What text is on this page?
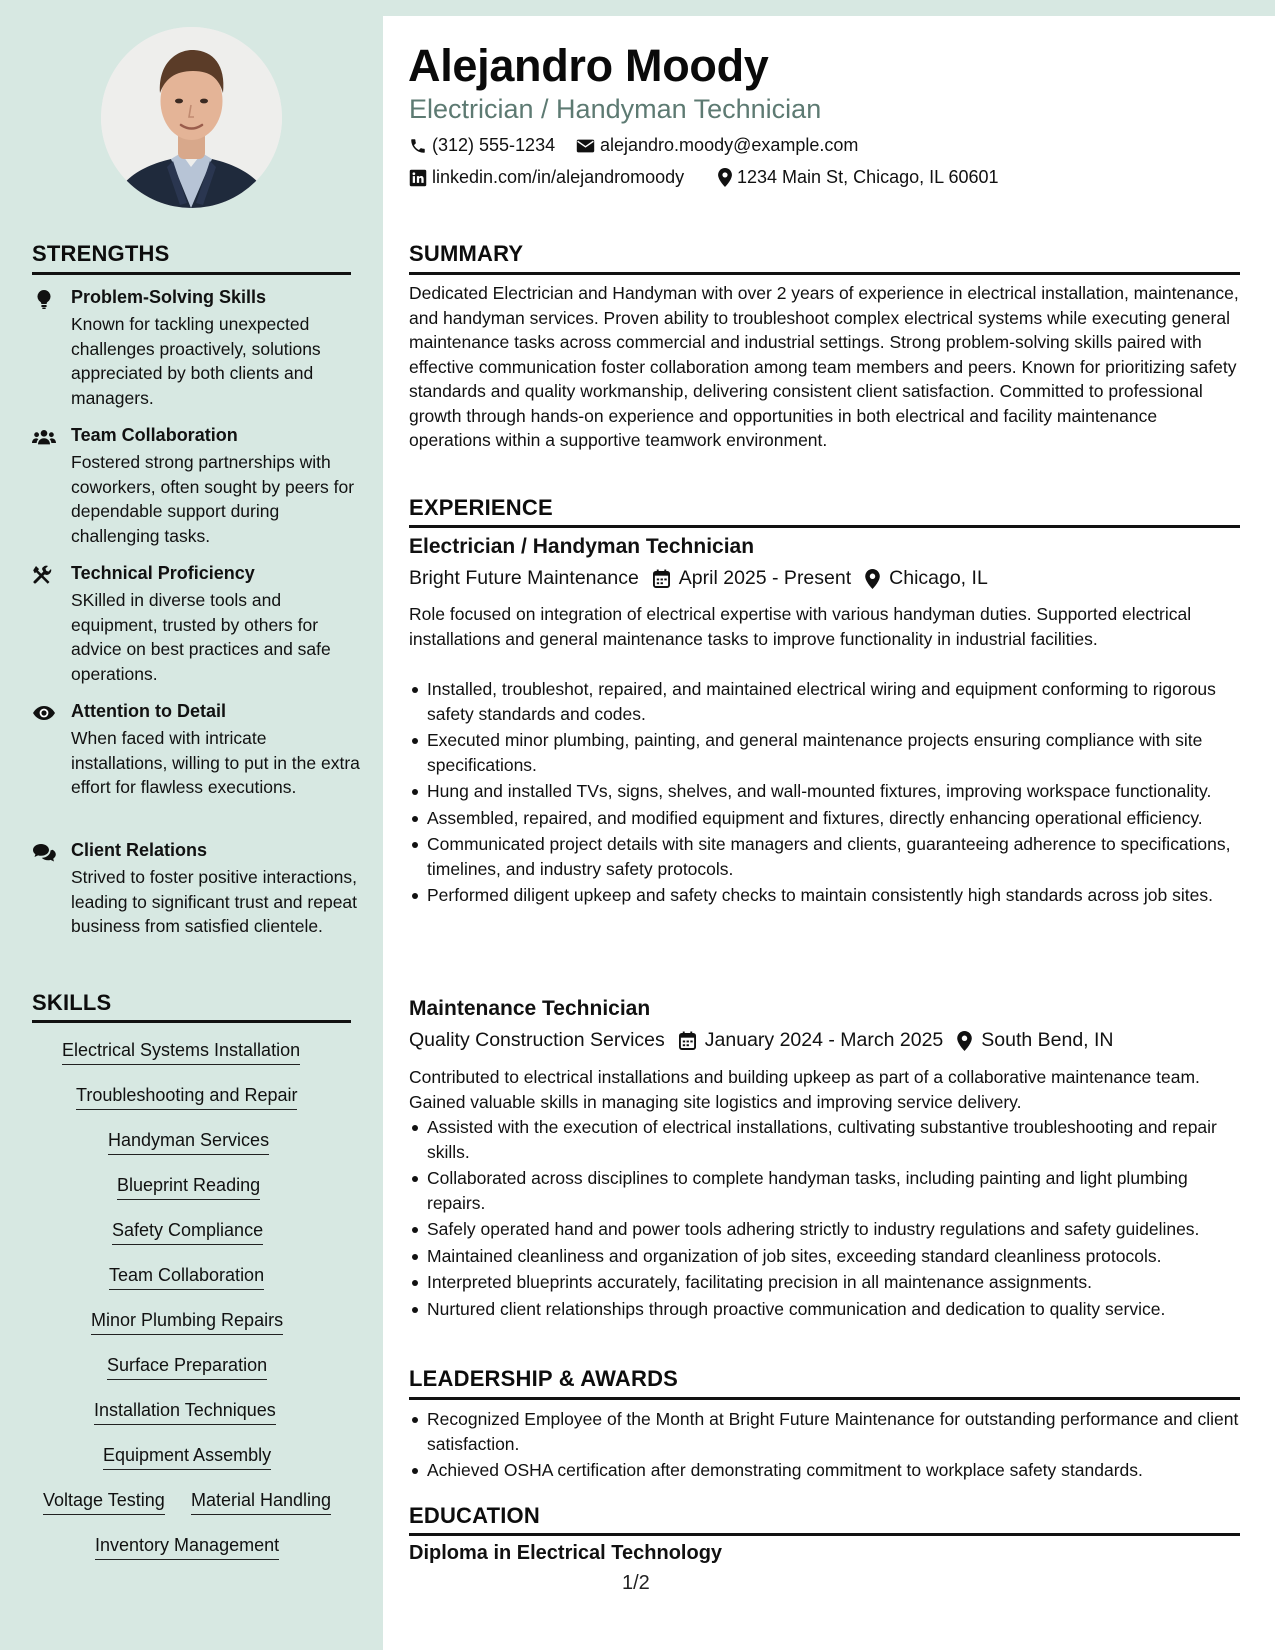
Alejandro Moody
Electrician / Handyman Technician
(312) 555-1234 alejandro.moody@example.com
linkedin.com/in/alejandromoody	1234 Main St, Chicago, IL 60601
STRENGTHS
Problem-Solving Skills
Known for tackling unexpected challenges proactively, solutions appreciated by both clients and managers.
Team Collaboration
Fostered strong partnerships with coworkers, often sought by peers for dependable support during challenging tasks.
Technical Proficiency
SKilled in diverse tools and equipment, trusted by others for advice on best practices and safe operations.
Attention to Detail
When faced with intricate installations, willing to put in the extra effort for flawless executions.
Client Relations
Strived to foster positive interactions, leading to significant trust and repeat business from satisfied clientele.
SKILLS
Electrical Systems Installation
Troubleshooting and Repair
Handyman Services
Blueprint Reading
Safety Compliance
Team Collaboration
Minor Plumbing Repairs
Surface Preparation
Installation Techniques
Equipment Assembly
Voltage Testing Material Handling
Inventory Management
SUMMARY
Dedicated Electrician and Handyman with over 2 years of experience in electrical installation, maintenance, and handyman services. Proven ability to troubleshoot complex electrical systems while executing general maintenance tasks across commercial and industrial settings. Strong problem-solving skills paired with effective communication foster collaboration among team members and peers. Known for prioritizing safety standards and quality workmanship, delivering consistent client satisfaction. Committed to professional growth through hands-on experience and opportunities in both electrical and facility maintenance operations within a supportive teamwork environment.
EXPERIENCE
Electrician / Handyman Technician
Bright Future Maintenance April 2025 - Present Chicago, IL
Role focused on integration of electrical expertise with various handyman duties. Supported electrical installations and general maintenance tasks to improve functionality in industrial facilities.
Installed, troubleshot, repaired, and maintained electrical wiring and equipment conforming to rigorous safety standards and codes.
Executed minor plumbing, painting, and general maintenance projects ensuring compliance with site specifications.
Hung and installed TVs, signs, shelves, and wall-mounted fixtures, improving workspace functionality.
Assembled, repaired, and modified equipment and fixtures, directly enhancing operational efficiency.
Communicated project details with site managers and clients, guaranteeing adherence to specifications, timelines, and industry safety protocols.
Performed diligent upkeep and safety checks to maintain consistently high standards across job sites.
Maintenance Technician
Quality Construction Services January 2024 - March 2025 South Bend, IN
Contributed to electrical installations and building upkeep as part of a collaborative maintenance team. Gained valuable skills in managing site logistics and improving service delivery.
Assisted with the execution of electrical installations, cultivating substantive troubleshooting and repair skills.
Collaborated across disciplines to complete handyman tasks, including painting and light plumbing repairs.
Safely operated hand and power tools adhering strictly to industry regulations and safety guidelines.
Maintained cleanliness and organization of job sites, exceeding standard cleanliness protocols.
Interpreted blueprints accurately, facilitating precision in all maintenance assignments.
Nurtured client relationships through proactive communication and dedication to quality service.
LEADERSHIP & AWARDS
Recognized Employee of the Month at Bright Future Maintenance for outstanding performance and client satisfaction.
Achieved OSHA certification after demonstrating commitment to workplace safety standards.
EDUCATION
Diploma in Electrical Technology
1/2
